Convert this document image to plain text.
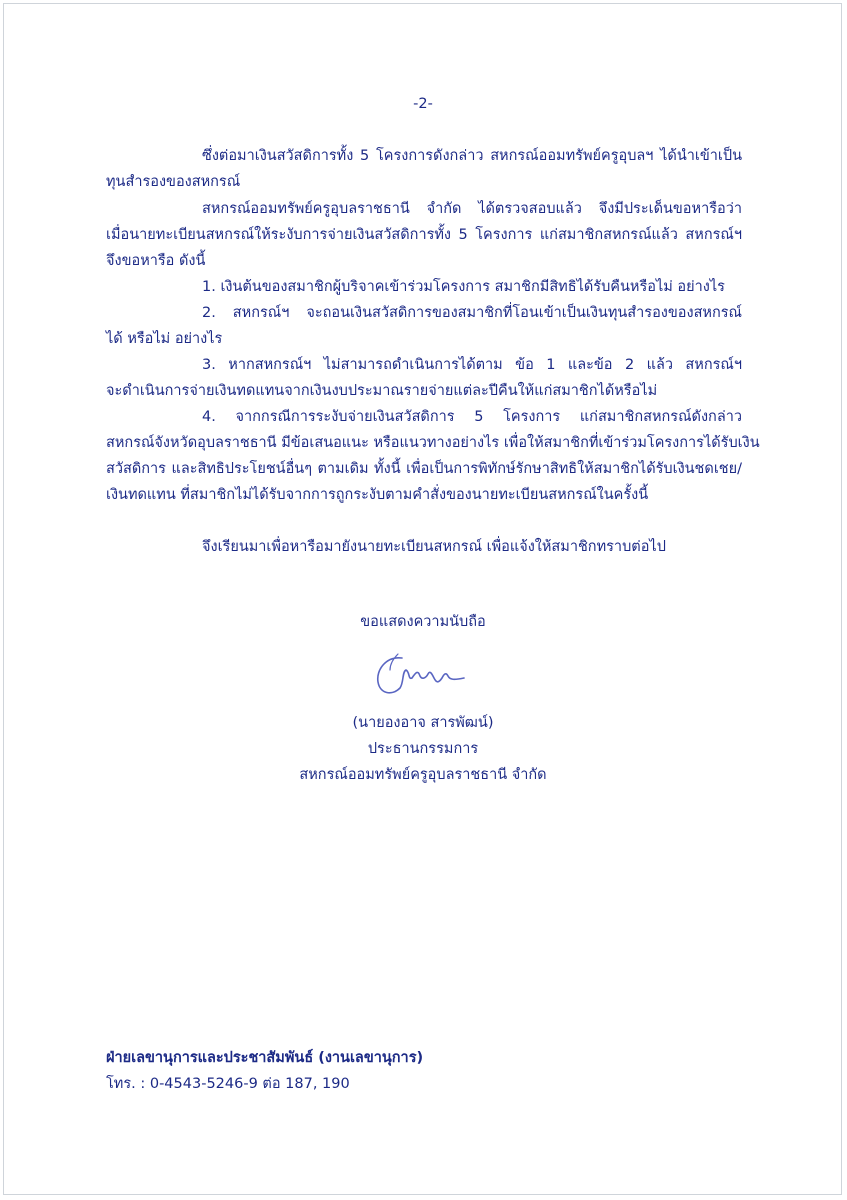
-2-
ซึ่งต่อมาเงินสวัสดิการทั้ง 5 โครงการดังกล่าว สหกรณ์ออมทรัพย์ครูอุบลฯ ได้นำเข้าเป็น
ทุนสำรองของสหกรณ์
สหกรณ์ออมทรัพย์ครูอุบลราชธานี จำกัด ได้ตรวจสอบแล้ว จึงมีประเด็นขอหารือว่า
เมื่อนายทะเบียนสหกรณ์ให้ระงับการจ่ายเงินสวัสดิการทั้ง 5 โครงการ แก่สมาชิกสหกรณ์แล้ว สหกรณ์ฯ
จึงขอหารือ ดังนี้
1. เงินต้นของสมาชิกผู้บริจาคเข้าร่วมโครงการ สมาชิกมีสิทธิได้รับคืนหรือไม่ อย่างไร
2. สหกรณ์ฯ จะถอนเงินสวัสดิการของสมาชิกที่โอนเข้าเป็นเงินทุนสำรองของสหกรณ์
ได้ หรือไม่ อย่างไร
3. หากสหกรณ์ฯ ไม่สามารถดำเนินการได้ตาม ข้อ 1 และข้อ 2 แล้ว สหกรณ์ฯ
จะดำเนินการจ่ายเงินทดแทนจากเงินงบประมาณรายจ่ายแต่ละปีคืนให้แก่สมาชิกได้หรือไม่
4. จากกรณีการระงับจ่ายเงินสวัสดิการ 5 โครงการ แก่สมาชิกสหกรณ์ดังกล่าว
สหกรณ์จังหวัดอุบลราชธานี มีข้อเสนอแนะ หรือแนวทางอย่างไร เพื่อให้สมาชิกที่เข้าร่วมโครงการได้รับเงิน
สวัสดิการ และสิทธิประโยชน์อื่นๆ ตามเดิม ทั้งนี้ เพื่อเป็นการพิทักษ์รักษาสิทธิให้สมาชิกได้รับเงินชดเชย/
เงินทดแทน ที่สมาชิกไม่ได้รับจากการถูกระงับตามคำสั่งของนายทะเบียนสหกรณ์ในครั้งนี้
จึงเรียนมาเพื่อหารือมายังนายทะเบียนสหกรณ์ เพื่อแจ้งให้สมาชิกทราบต่อไป
ขอแสดงความนับถือ
(นายองอาจ สารพัฒน์)
ประธานกรรมการ
สหกรณ์ออมทรัพย์ครูอุบลราชธานี จำกัด
ฝ่ายเลขานุการและประชาสัมพันธ์ (งานเลขานุการ)
โทร. : 0-4543-5246-9 ต่อ 187, 190
